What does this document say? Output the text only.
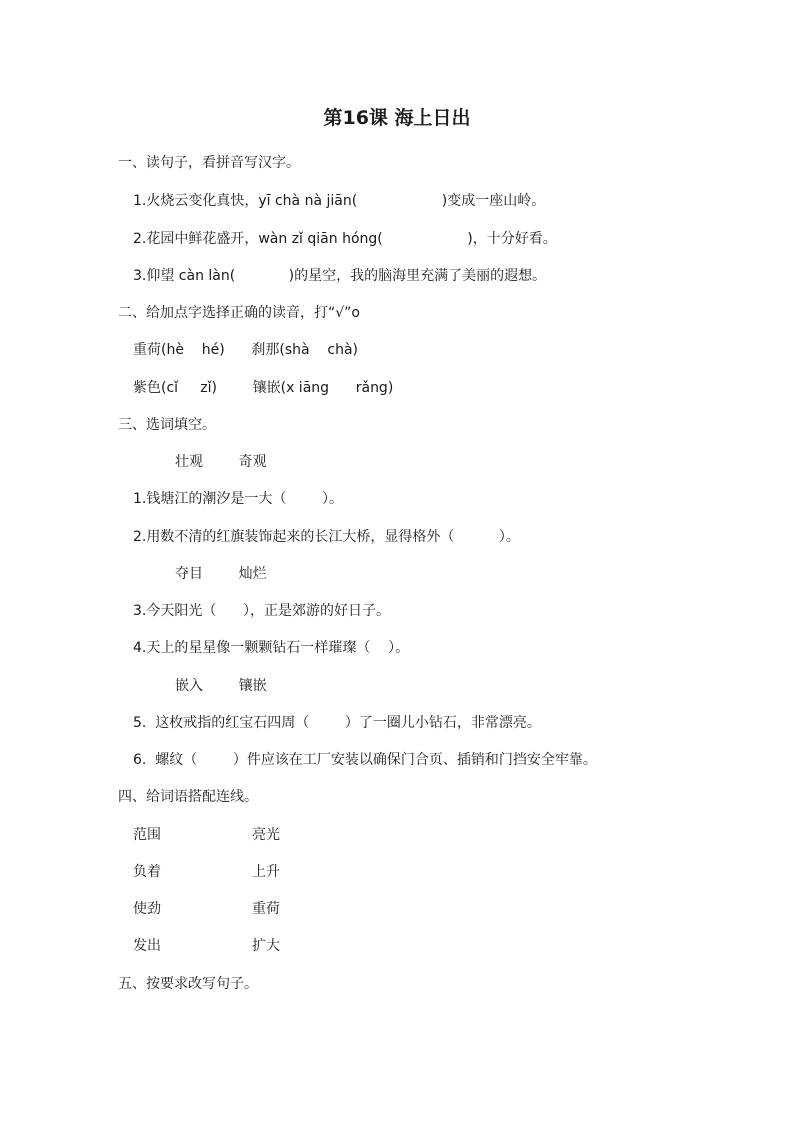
第16课 海上日出
一、读句子，看拼音写汉字。
1.火烧云变化真快，yī chà nà jiān(                   )变成一座山岭。
2.花园中鲜花盛开，wàn zǐ qiān hóng(                   )，十分好看。
3.仰望 càn làn(            )的星空，我的脑海里充满了美丽的遐想。
二、给加点字选择正确的读音，打“√”o
重荷(hè    hé)      刹那(shà    chà)
紫色(cǐ     zǐ)        镶嵌(x iāng      rǎng)
三、选词填空。
壮观        奇观
1.钱塘江的潮汐是一大（        ）。
2.用数不清的红旗装饰起来的长江大桥，显得格外（          ）。
夺目        灿烂
3.今天阳光（      ），正是郊游的好日子。
4.天上的星星像一颗颗钻石一样璀璨（    ）。
嵌入        镶嵌
5.  这枚戒指的红宝石四周（        ）了一圈儿小钻石，非常漂亮。
6.  螺纹（        ）件应该在工厂安装以确保门合页、插销和门挡安全牢靠。
四、给词语搭配连线。
范围	亮光
负着	上升
使劲	重荷
发出	扩大
五、按要求改写句子。
